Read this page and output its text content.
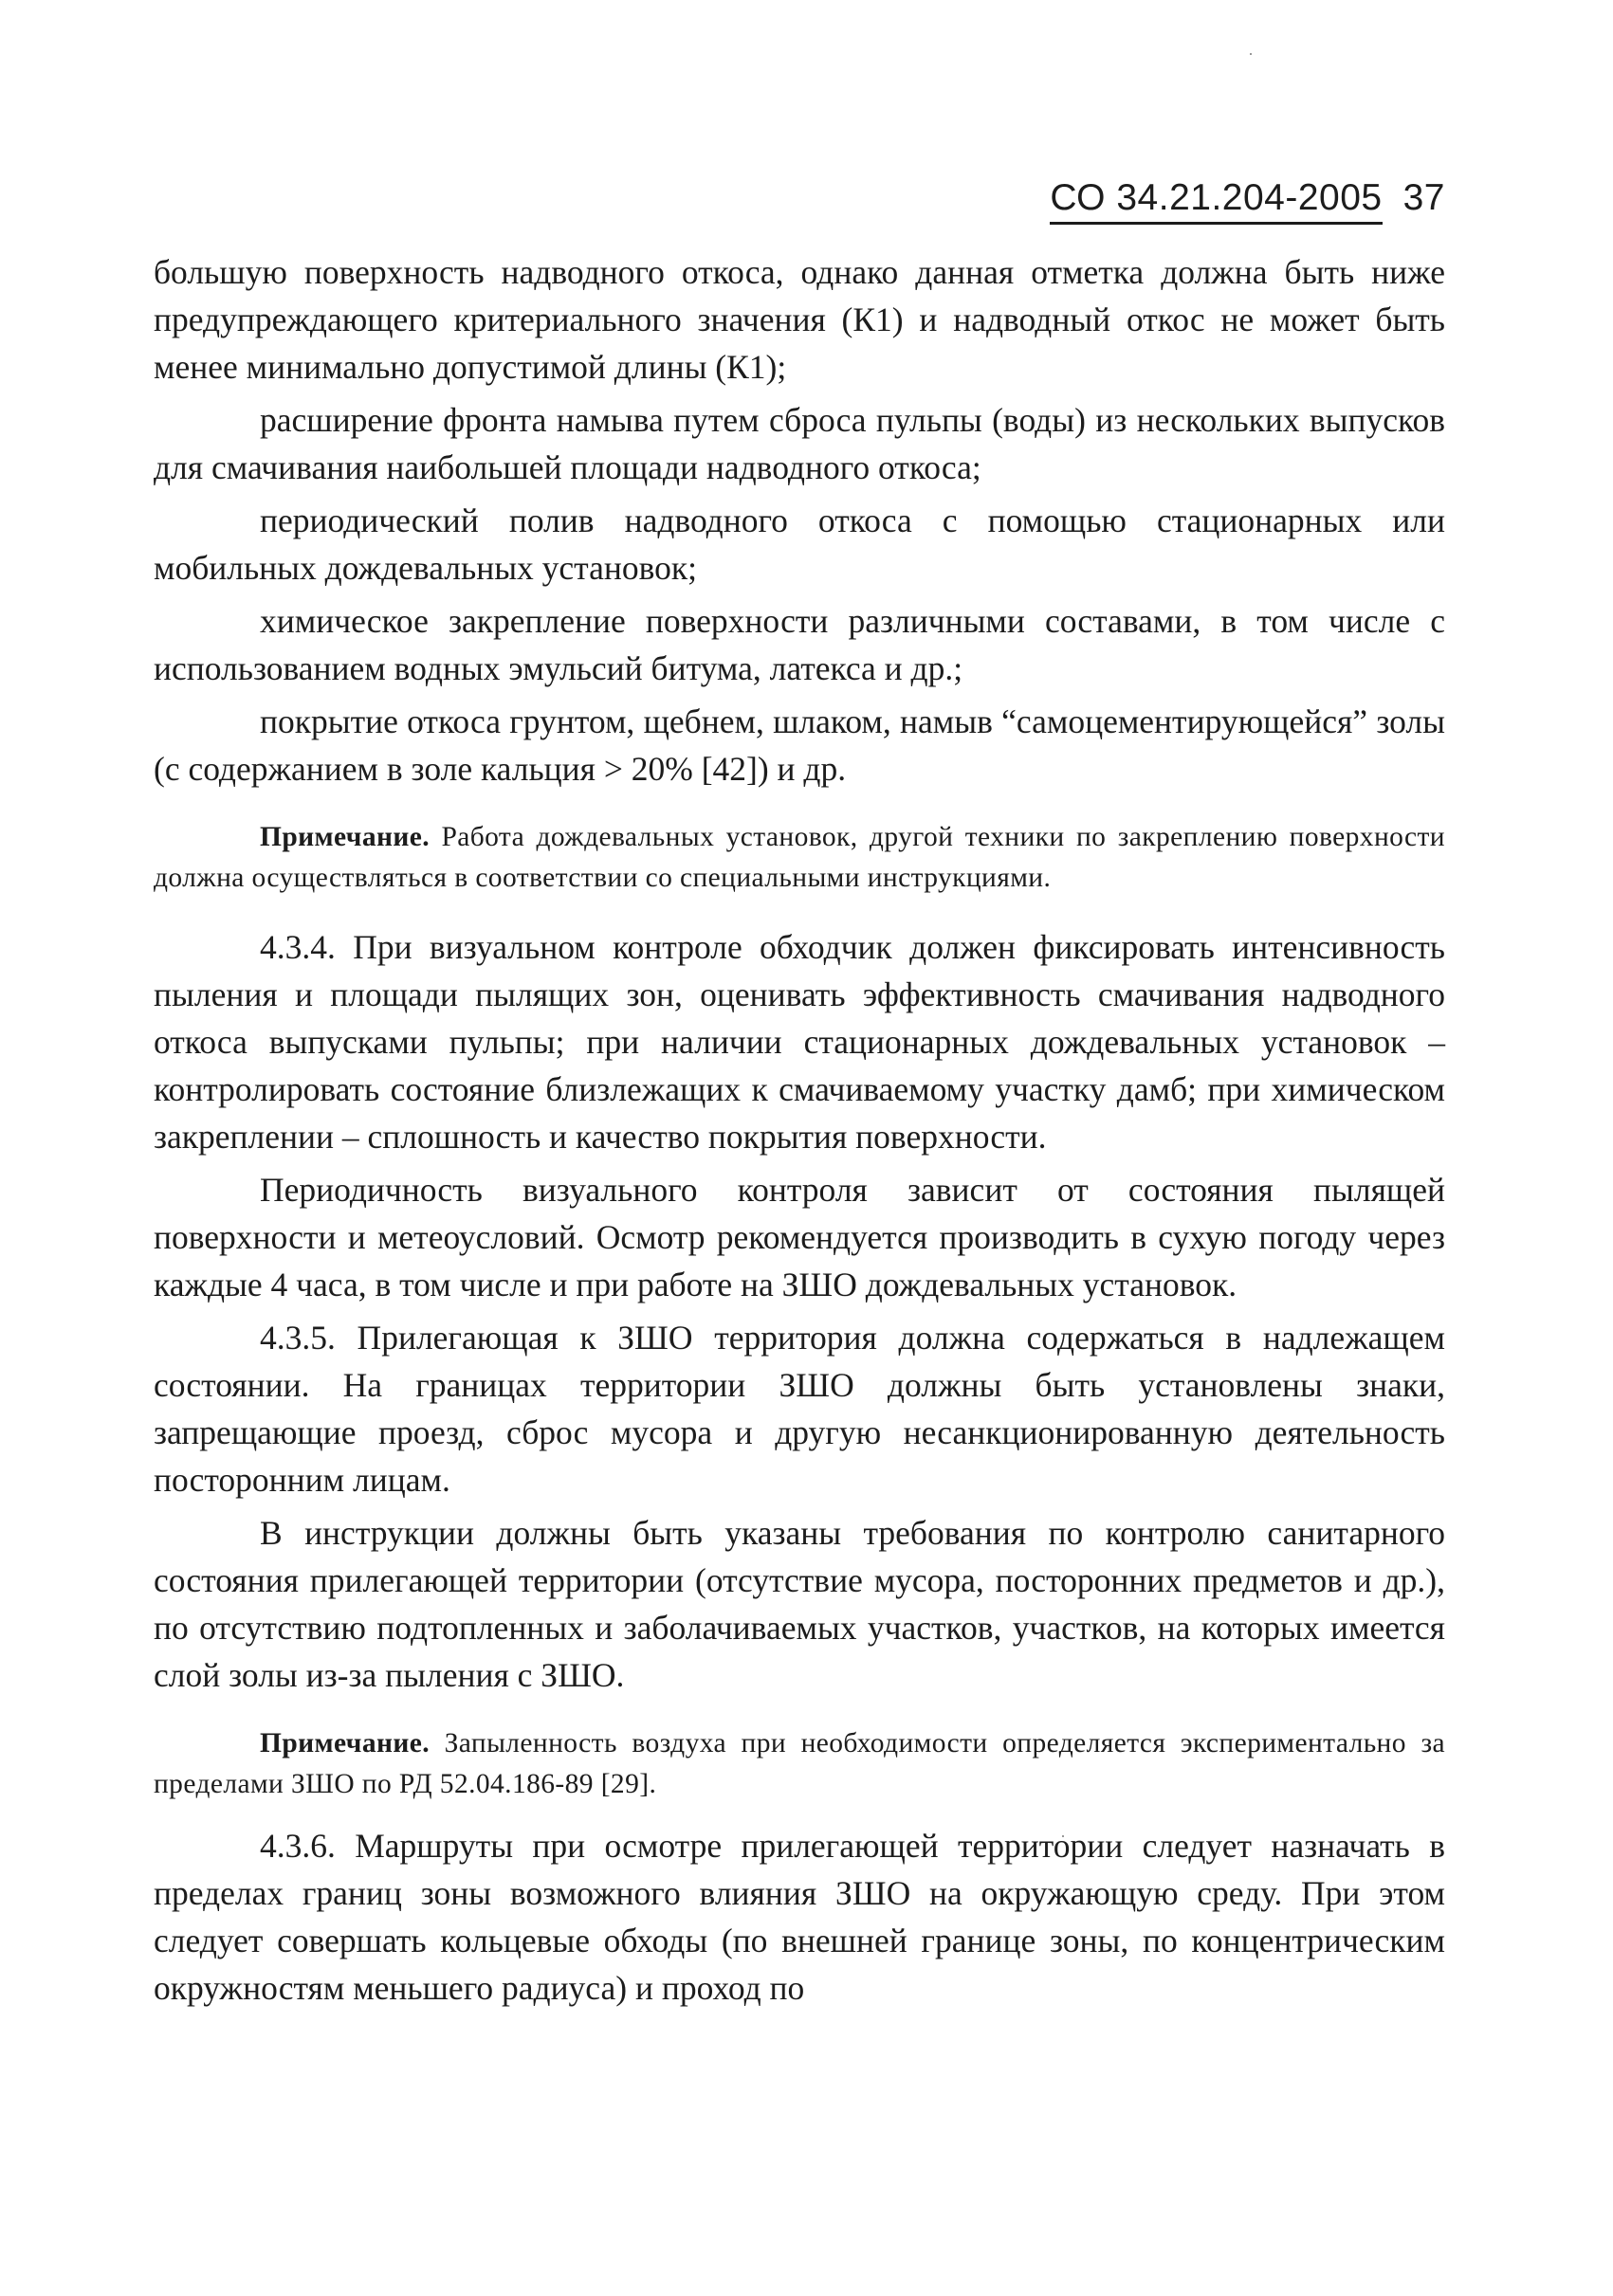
СО 34.21.204-2005 37

большую поверхность надводного откоса, однако данная отметка должна быть ниже предупреждающего критериального значения (К1) и надводный откос не может быть менее минимально допустимой длины (К1);

расширение фронта намыва путем сброса пульпы (воды) из нескольких выпусков для смачивания наибольшей площади надводного откоса;

периодический полив надводного откоса с помощью стационарных или мобильных дождевальных установок;

химическое закрепление поверхности различными составами, в том числе с использованием водных эмульсий битума, латекса и др.;

покрытие откоса грунтом, щебнем, шлаком, намыв “самоцементирующейся” золы (с содержанием в золе кальция > 20% [42]) и др.

Примечание. Работа дождевальных установок, другой техники по закреплению поверхности должна осуществляться в соответствии со специальными инструкциями.

4.3.4. При визуальном контроле обходчик должен фиксировать интенсивность пыления и площади пылящих зон, оценивать эффективность смачивания надводного откоса выпусками пульпы; при наличии стационарных дождевальных установок – контролировать состояние близлежащих к смачиваемому участку дамб; при химическом закреплении – сплошность и качество покрытия поверхности.

Периодичность визуального контроля зависит от состояния пылящей поверхности и метеоусловий. Осмотр рекомендуется производить в сухую погоду через каждые 4 часа, в том числе и при работе на ЗШО дождевальных установок.

4.3.5. Прилегающая к ЗШО территория должна содержаться в надлежащем состоянии. На границах территории ЗШО должны быть установлены знаки, запрещающие проезд, сброс мусора и другую несанкционированную деятельность посторонним лицам.

В инструкции должны быть указаны требования по контролю санитарного состояния прилегающей территории (отсутствие мусора, посторонних предметов и др.), по отсутствию подтопленных и заболачиваемых участков, участков, на которых имеется слой золы из-за пыления с ЗШО.

Примечание. Запыленность воздуха при необходимости определяется экспериментально за пределами ЗШО по РД 52.04.186-89 [29].

4.3.6. Маршруты при осмотре прилегающей территории следует назначать в пределах границ зоны возможного влияния ЗШО на окружающую среду. При этом следует совершать кольцевые обходы (по внешней границе зоны, по концентрическим окружностям меньшего радиуса) и проход по
